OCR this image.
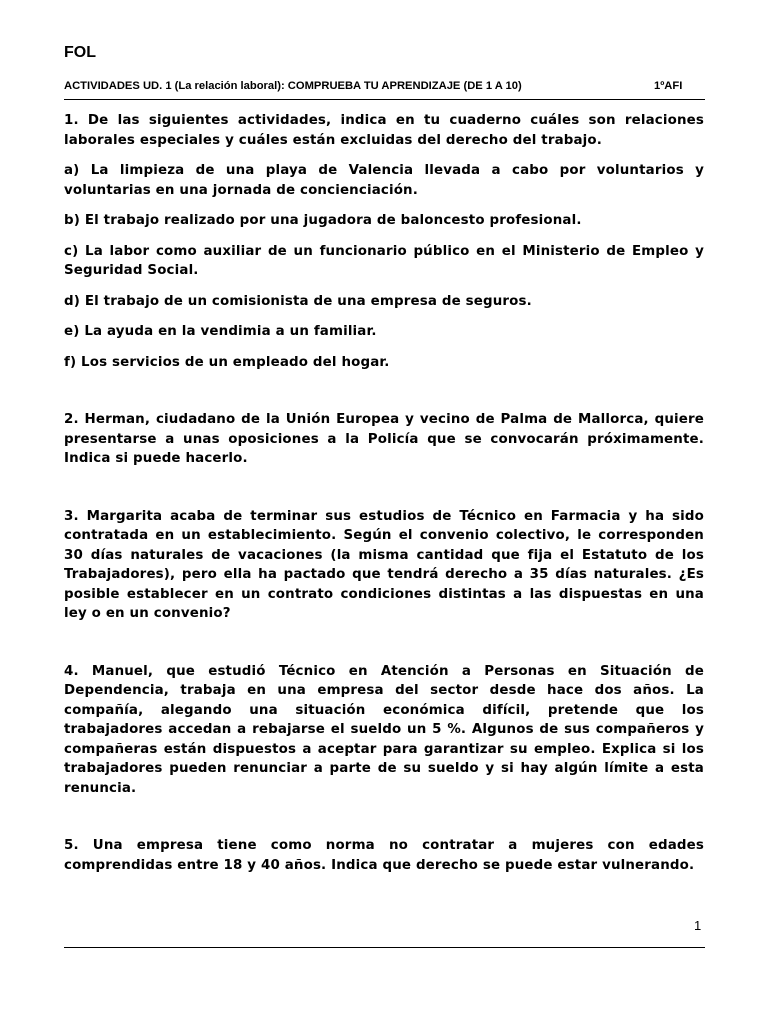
FOL
ACTIVIDADES UD. 1 (La relación laboral): COMPRUEBA TU APRENDIZAJE (DE 1 A 10)	1ºAFI

1. De las siguientes actividades, indica en tu cuaderno cuáles son relaciones laborales especiales y cuáles están excluidas del derecho del trabajo.

a) La limpieza de una playa de Valencia llevada a cabo por voluntarios y voluntarias en una jornada de concienciación.

b) El trabajo realizado por una jugadora de baloncesto profesional.

c) La labor como auxiliar de un funcionario público en el Ministerio de Empleo y Seguridad Social.

d) El trabajo de un comisionista de una empresa de seguros.

e) La ayuda en la vendimia a un familiar.

f) Los servicios de un empleado del hogar.

2. Herman, ciudadano de la Unión Europea y vecino de Palma de Mallorca, quiere presentarse a unas oposiciones a la Policía que se convocarán próximamente. Indica si puede hacerlo.

3. Margarita acaba de terminar sus estudios de Técnico en Farmacia y ha sido contratada en un establecimiento. Según el convenio colectivo, le corresponden 30 días naturales de vacaciones (la misma cantidad que fija el Estatuto de los Trabajadores), pero ella ha pactado que tendrá derecho a 35 días naturales. ¿Es posible establecer en un contrato condiciones distintas a las dispuestas en una ley o en un convenio?

4. Manuel, que estudió Técnico en Atención a Personas en Situación de Dependencia, trabaja en una empresa del sector desde hace dos años. La compañía, alegando una situación económica difícil, pretende que los trabajadores accedan a rebajarse el sueldo un 5 %. Algunos de sus compañeros y compañeras están dispuestos a aceptar para garantizar su empleo. Explica si los trabajadores pueden renunciar a parte de su sueldo y si hay algún límite a esta renuncia.

5. Una empresa tiene como norma no contratar a mujeres con edades comprendidas entre 18 y 40 años. Indica que derecho se puede estar vulnerando.

1
